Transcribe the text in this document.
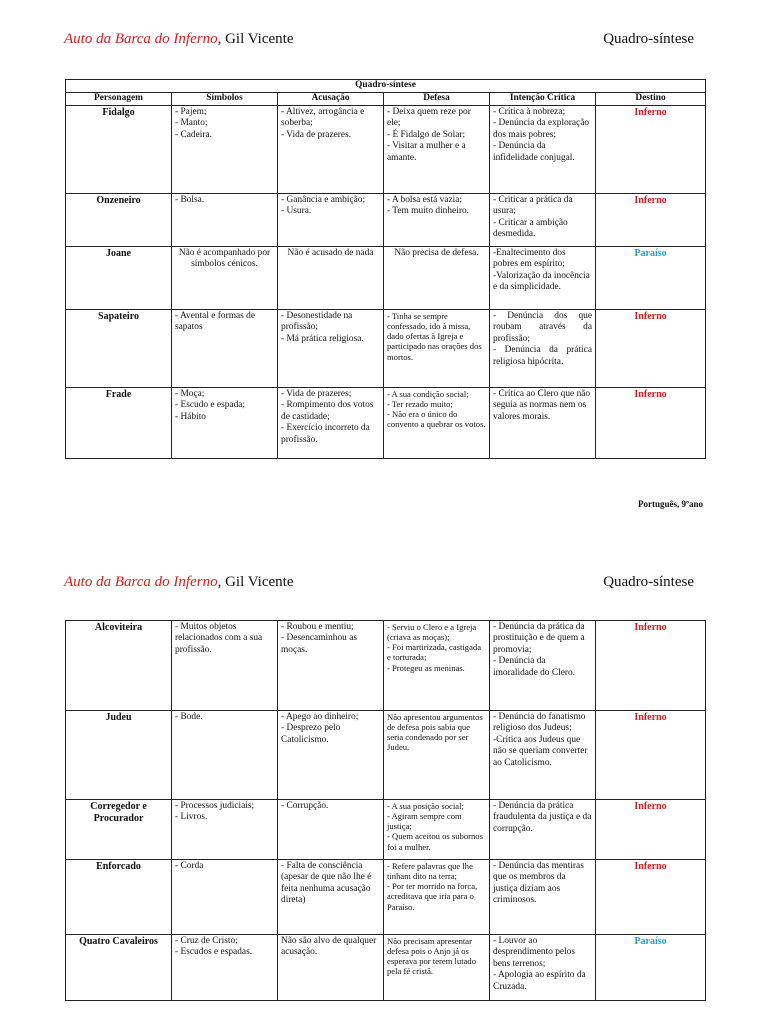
Auto da Barca do Inferno, Gil Vicente	Quadro-síntese
Quadro-síntese					
Personagem	Símbolos	Acusação	Defesa	Intenção Crítica	Destino
Fidalgo	- Pajem;
- Manto;
- Cadeira.	- Altivez, arrogância e soberba;
- Vida de prazeres.	- Deixa quem reze por ele;
- É Fidalgo de Solar;
- Visitar a mulher e a amante.	- Crítica à nobreza;
- Denúncia da exploração dos mais pobres;
- Denúncia da infidelidade conjugal.	Inferno
Onzeneiro	- Bolsa.	- Ganância e ambição;
- Usura.	- A bolsa está vazia;
- Tem muito dinheiro.	- Criticar a prática da usura;
- Criticar a ambição desmedida.	Inferno
Joane	Não é acompanhado por símbolos cénicos.	Não é acusado de nada	Não precisa de defesa.	-Enaltecimento dos pobres em espírito;
-Valorização da inocência e da simplicidade.	Paraíso
Sapateiro	- Avental e formas de sapatos	- Desonestidade na profissão;
- Má prática religiosa.	- Tinha se sempre confessado, ido à missa, dado ofertas à Igreja e participado nas orações dos mortos.	- Denúncia dos que roubam através da profissão;
- Denúncia da prática religiosa hipócrita.	Inferno
Frade	- Moça;
- Escudo e espada;
- Hábito	- Vida de prazeres;
- Rompimento dos votos de castidade;
- Exercício incorreto da profissão.	- A sua condição social;
- Ter rezado muito;
- Não era o único do convento a quebrar os votos.	- Crítica ao Clero que não seguia as normas nem os valores morais.	Inferno
Português, 9ºano
Auto da Barca do Inferno, Gil Vicente	Quadro-síntese
Alcoviteira	- Muitos objetos relacionados com a sua profissão.	- Roubou e mentiu;
- Desencaminhou as moças.	- Serviu o Clero e a Igreja (criava as moças);
- Foi martirizada, castigada e torturada;
- Protegeu as meninas.	- Denúncia da prática da prostituição e de quem a promovia;
- Denúncia da imoralidade do Clero.	Inferno
Judeu	- Bode.	- Apego ao dinheiro;
- Desprezo pelo Catolicismo.	Não apresentou argumentos de defesa pois sabia que seria condenado por ser Judeu.	- Denúncia do fanatismo religioso dos Judeus;
-Crítica aos Judeus que não se queriam converter ao Catolicismo.	Inferno
Corregedor e Procurador	- Processos judiciais;
- Livros.	- Corrupção.	- A sua posição social;
- Agiram sempre com justiça;
- Quem aceitou os subornos foi a mulher.	- Denúncia da prática fraudulenta da justiça e da corrupção.	Inferno
Enforcado	- Corda	- Falta de consciência (apesar de que não lhe é feita nenhuma acusação direta)	- Refere palavras que lhe tinham dito na terra;
- Por ter morrido na forca, acreditava que iria para o Paraíso.	- Denúncia das mentiras que os membros da justiça diziam aos criminosos.	Inferno
Quatro Cavaleiros	- Cruz de Cristo;
- Escudos e espadas.	Não são alvo de qualquer acusação.	Não precisam apresentar defesa pois o Anjo já os esperava por terem lutado pela fé cristã.	- Louvor ao desprendimento pelos bens terrenos;
- Apologia ao espírito da Cruzada.	Paraíso
